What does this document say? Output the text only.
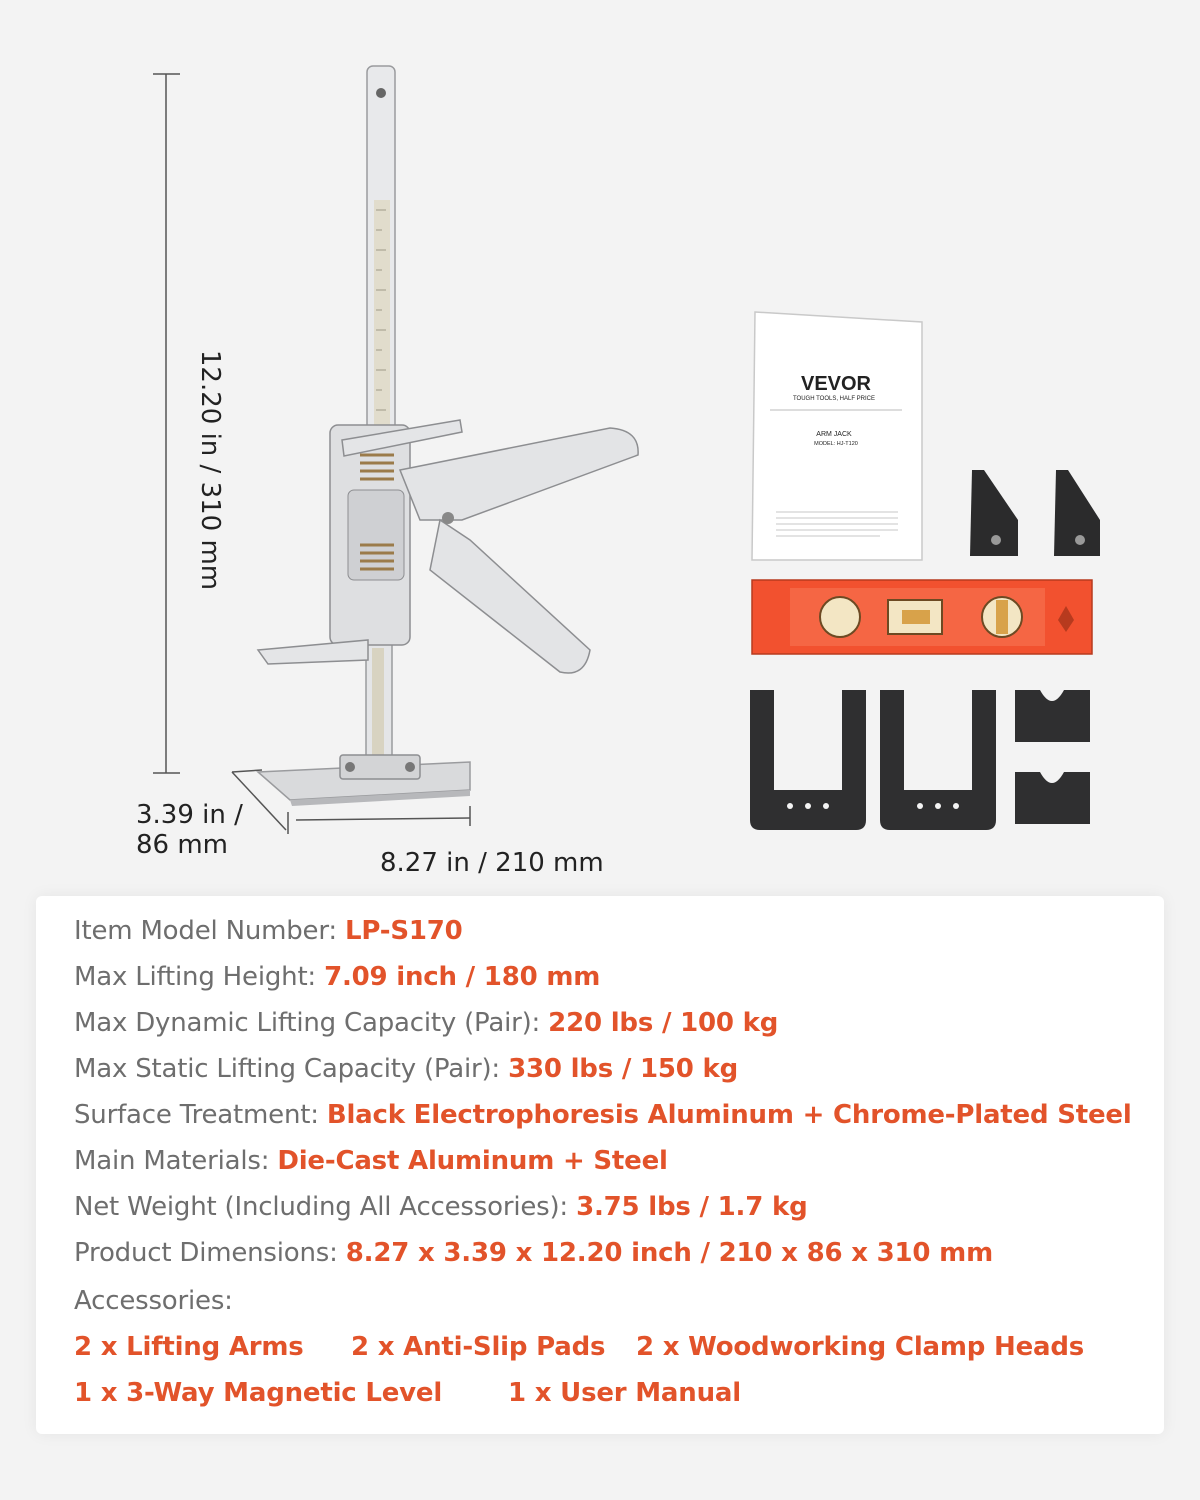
VEVOR
TOUGH TOOLS, HALF PRICE
ARM JACK
MODEL: HJ-T120
12.20 in / 310 mm
3.39 in /
86 mm
8.27 in / 210 mm
Item Model Number: LP-S170
Max Lifting Height: 7.09 inch / 180 mm
Max Dynamic Lifting Capacity (Pair): 220 lbs / 100 kg
Max Static Lifting Capacity (Pair): 330 lbs / 150 kg
Surface Treatment: Black Electrophoresis Aluminum + Chrome-Plated Steel
Main Materials: Die-Cast Aluminum + Steel
Net Weight (Including All Accessories): 3.75 lbs / 1.7 kg
Product Dimensions: 8.27 x 3.39 x 12.20 inch / 210 x 86 x 310 mm
Accessories:
2 x Lifting Arms 2 x Anti-Slip Pads 2 x Woodworking Clamp Heads
1 x 3-Way Magnetic Level	1 x User Manual
